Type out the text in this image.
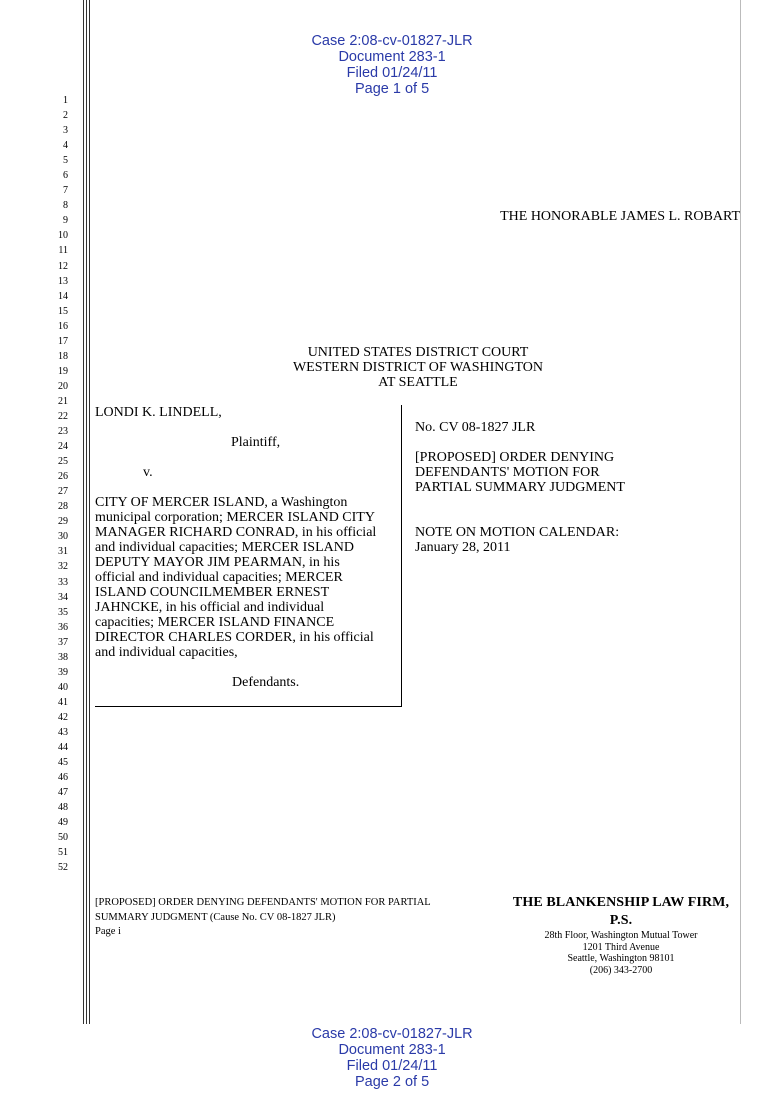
Case 2:08-cv-01827-JLR
Document 283-1
Filed 01/24/11
Page 1 of 5

1
2
3
4
5
6
7
8
9
10
11
12
13
14
15
16
17
18
19
20
21
22
23
24
25
26
27
28
29
30
31
32
33
34
35
36
37
38
39
40
41
42
43
44
45
46
47
48
49
50
51
52
THE HONORABLE JAMES L. ROBART
UNITED STATES DISTRICT COURT
WESTERN DISTRICT OF WASHINGTON
AT SEATTLE
LONDI K. LINDELL,
Plaintiff,
v.
CITY OF MERCER ISLAND, a Washington
municipal corporation; MERCER ISLAND CITY
MANAGER RICHARD CONRAD, in his official
and individual capacities; MERCER ISLAND
DEPUTY MAYOR JIM PEARMAN, in his
official and individual capacities; MERCER
ISLAND COUNCILMEMBER ERNEST
JAHNCKE, in his official and individual
capacities; MERCER ISLAND FINANCE
DIRECTOR CHARLES CORDER, in his official
and individual capacities,
Defendants.
No. CV 08-1827 JLR
[PROPOSED] ORDER DENYING
DEFENDANTS' MOTION FOR
PARTIAL SUMMARY JUDGMENT
NOTE ON MOTION CALENDAR:
January 28, 2011
[PROPOSED] ORDER DENYING DEFENDANTS' MOTION FOR PARTIAL
SUMMARY JUDGMENT (Cause No. CV 08-1827 JLR)
Page i
THE BLANKENSHIP LAW FIRM, P.S.
28th Floor, Washington Mutual Tower
1201 Third Avenue
Seattle, Washington 98101
(206) 343-2700

Case 2:08-cv-01827-JLR
Document 283-1
Filed 01/24/11
Page 2 of 5
